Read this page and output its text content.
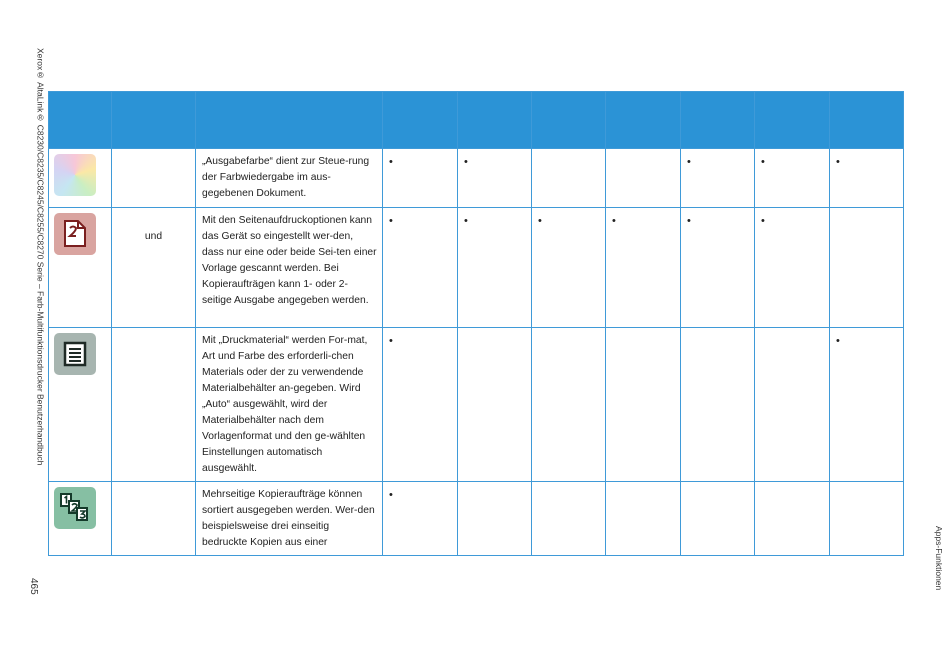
Xerox® AltaLink® C8230/C8235/C8245/C8255/C8270 Serie – Farb-Multifunktionsdrucker Benutzerhandbuch
465	Apps-Funktionen

		„Ausgabefarbe“ dient zur Steue-rung der Farbwiedergabe im aus-gegebenen Dokument.	•	•			•	•	•

	und	Mit den Seitenaufdruckoptionen kann das Gerät so eingestellt wer-den, dass nur eine oder beide Sei-ten einer Vorlage gescannt werden. Bei Kopieraufträgen kann 1- oder 2-seitige Ausgabe angegeben werden.	•	•	•	•	•	•	

		Mit „Druckmaterial“ werden For-mat, Art und Farbe des erforderli-chen Materials oder der zu verwendende Materialbehälter an-gegeben. Wird „Auto“ ausgewählt, wird der Materialbehälter nach dem Vorlagenformat und den ge-wählten Einstellungen automatisch ausgewählt.	•						•

		Mehrseitige Kopieraufträge können sortiert ausgegeben werden. Wer-den beispielsweise drei einseitig bedruckte Kopien aus einer	•						
